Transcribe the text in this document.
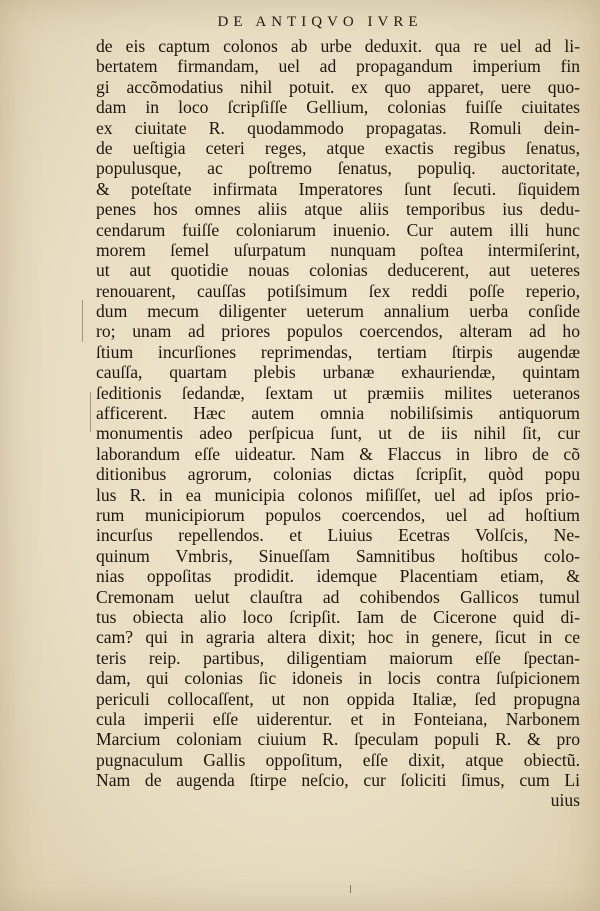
DE ANTIQVO IVRE
de eis captum colonos ab urbe deduxit. qua re uel ad li-
bertatem firmandam, uel ad propagandum imperium fin
gi accõmodatius nihil potuit. ex quo apparet, uere quo-
dam in loco ſcripſiſſe Gellium, colonias fuiſſe ciuitates
ex ciuitate R. quodammodo propagatas. Romuli dein-
de ueſtigia ceteri reges, atque exactis regibus ſenatus,
populusque, ac poſtremo ſenatus, populiq. auctoritate,
& poteſtate infirmata Imperatores ſunt ſecuti. ſiquidem
penes hos omnes aliis atque aliis temporibus ius dedu-
cendarum fuiſſe coloniarum inuenio. Cur autem illi hunc
morem ſemel uſurpatum nunquam poſtea intermiſerint,
ut aut quotidie nouas colonias deducerent, aut ueteres
renouarent, cauſſas potiſsimum ſex reddi poſſe reperio,
dum mecum diligenter ueterum annalium uerba conſide
ro; unam ad priores populos coercendos, alteram ad ho
ſtium incurſiones reprimendas, tertiam ſtirpis augendæ
cauſſa, quartam plebis urbanæ exhauriendæ, quintam
ſeditionis ſedandæ, ſextam ut præmiis milites ueteranos
afficerent. Hæc autem omnia nobiliſsimis antiquorum
monumentis adeo perſpicua ſunt, ut de iis nihil ſit, cur
laborandum eſſe uideatur. Nam & Flaccus in libro de cõ
ditionibus agrorum, colonias dictas ſcripſit, quòd popu
lus R. in ea municipia colonos miſiſſet, uel ad ipſos prio-
rum municipiorum populos coercendos, uel ad hoſtium
incurſus repellendos. et Liuius Ecetras Volſcis, Ne-
quinum Vmbris, Sinueſſam Samnitibus hoſtibus colo-
nias oppoſitas prodidit. idemque Placentiam etiam, &
Cremonam uelut clauſtra ad cohibendos Gallicos tumul
tus obiecta alio loco ſcripſit. Iam de Cicerone quid di-
cam? qui in agraria altera dixit; hoc in genere, ſicut in ce
teris reip. partibus, diligentiam maiorum eſſe ſpectan-
dam, qui colonias ſic idoneis in locis contra ſuſpicionem
periculi collocaſſent, ut non oppida Italiæ, ſed propugna
cula imperii eſſe uiderentur. et in Fonteiana, Narbonem
Marcium coloniam ciuium R. ſpeculam populi R. & pro
pugnaculum Gallis oppoſitum, eſſe dixit, atque obiectũ.
Nam de augenda ſtirpe neſcio, cur ſoliciti ſimus, cum Li
uius
